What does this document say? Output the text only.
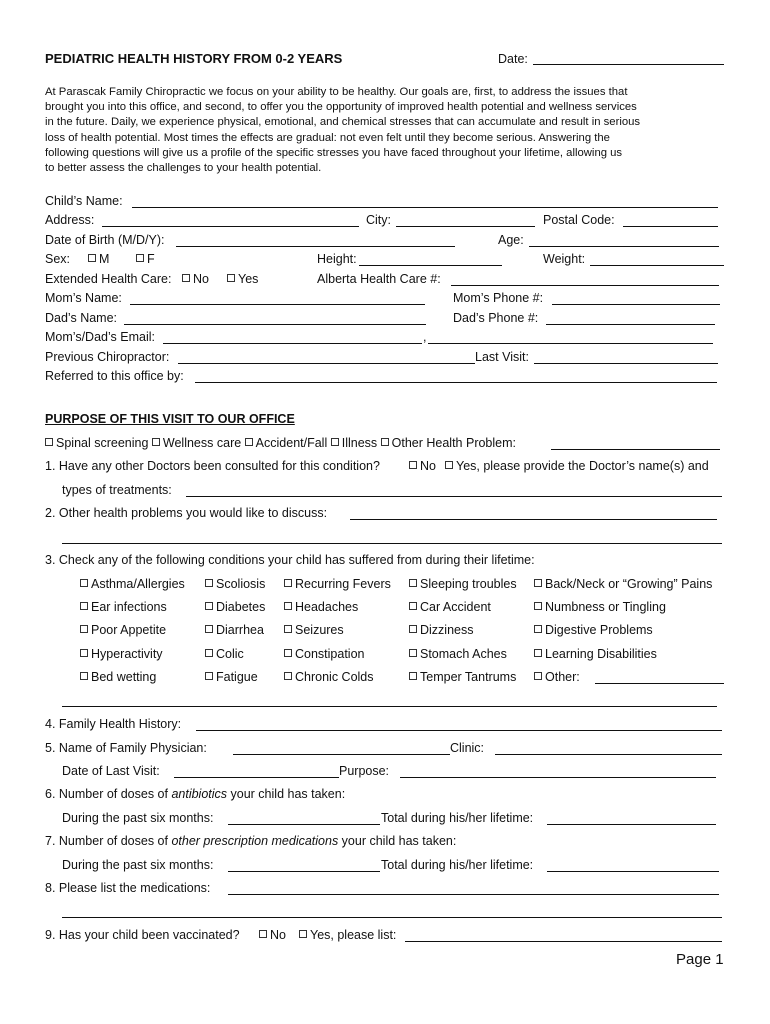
PEDIATRIC HEALTH HISTORY FROM 0-2 YEARS	Date:
At Parascak Family Chiropractic we focus on your ability to be healthy. Our goals are, first, to address the issues that
brought you into this office, and second, to offer you the opportunity of improved health potential and wellness services
in the future. Daily, we experience physical, emotional, and chemical stresses that can accumulate and result in serious
loss of health potential. Most times the effects are gradual: not even felt until they become serious. Answering the
following questions will give us a profile of the specific stresses you have faced throughout your lifetime, allowing us
to better assess the challenges to your health potential.
Child’s Name:
Address:	City:	Postal Code:
Date of Birth (M/D/Y):	Age:
Sex:	M	F	Height:	Weight:
Extended Health Care:	No	Yes	Alberta Health Care #:
Mom’s Name:	Mom’s Phone #:
Dad’s Name:	Dad’s Phone #:
Mom’s/Dad’s Email:	,
Previous Chiropractor:	Last Visit:
Referred to this office by:
PURPOSE OF THIS VISIT TO OUR OFFICE
Spinal screening Wellness care Accident/Fall Illness Other Health Problem:
1. Have any other Doctors been consulted for this condition?	No	Yes, please provide the Doctor’s name(s) and
types of treatments:
2. Other health problems you would like to discuss:
3. Check any of the following conditions your child has suffered from during their lifetime:
Asthma/Allergies	Scoliosis	Recurring Fevers	Sleeping troubles	Back/Neck or “Growing” Pains
Ear infections	Diabetes	Headaches	Car Accident	Numbness or Tingling
Poor Appetite	Diarrhea	Seizures	Dizziness	Digestive Problems
Hyperactivity	Colic	Constipation	Stomach Aches	Learning Disabilities
Bed wetting	Fatigue	Chronic Colds	Temper Tantrums	Other:
4. Family Health History:
5. Name of Family Physician:	Clinic:
Date of Last Visit:	Purpose:
6. Number of doses of antibiotics your child has taken:
During the past six months:	Total during his/her lifetime:
7. Number of doses of other prescription medications your child has taken:
During the past six months:	Total during his/her lifetime:
8. Please list the medications:
9. Has your child been vaccinated?	No	Yes, please list:
Page 1
